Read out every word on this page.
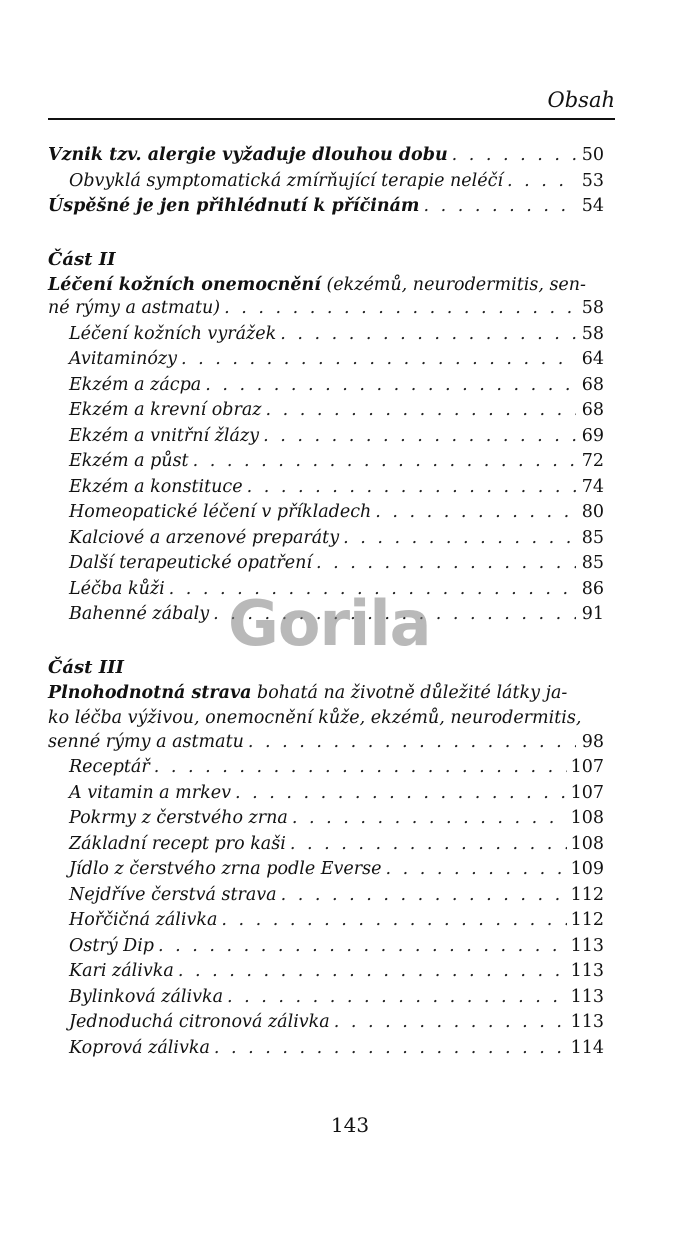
Obsah
Vznik tzv. alergie vyžaduje dlouhou dobu . . .	50
Obvyklá symptomatická zmírňující terapie neléčí . . .	53
Úspěšné je jen přihlédnutí k příčinám . . .	54
Část II
Léčení kožních onemocnění (ekzémů, neurodermitis, sen-
né rýmy a astmatu) . . .	58
Léčení kožních vyrážek . . .	58
Avitaminózy . . .	64
Ekzém a zácpa . . .	68
Ekzém a krevní obraz . . .	68
Ekzém a vnitřní žlázy . . .	69
Ekzém a půst . . .	72
Ekzém a konstituce . . .	74
Homeopatické léčení v příkladech . . .	80
Kalciové a arzenové preparáty . . .	85
Další terapeutické opatření . . .	85
Léčba kůži . . .	86
Bahenné zábaly . . .	91
Část III
Plnohodnotná strava bohatá na životně důležité látky ja-
ko léčba výživou, onemocnění kůže, ekzémů, neurodermitis,
senné rýmy a astmatu . . .	98
Receptář . . .	107
A vitamin a mrkev . . .	107
Pokrmy z čerstvého zrna . . .	108
Základní recept pro kaši . . .	108
Jídlo z čerstvého zrna podle Everse . . .	109
Nejdříve čerstvá strava . . .	112
Hořčičná zálivka . . .	112
Ostrý Dip . . .	113
Kari zálivka . . .	113
Bylinková zálivka . . .	113
Jednoduchá citronová zálivka . . .	113
Koprová zálivka . . .	114
Gorila
143
